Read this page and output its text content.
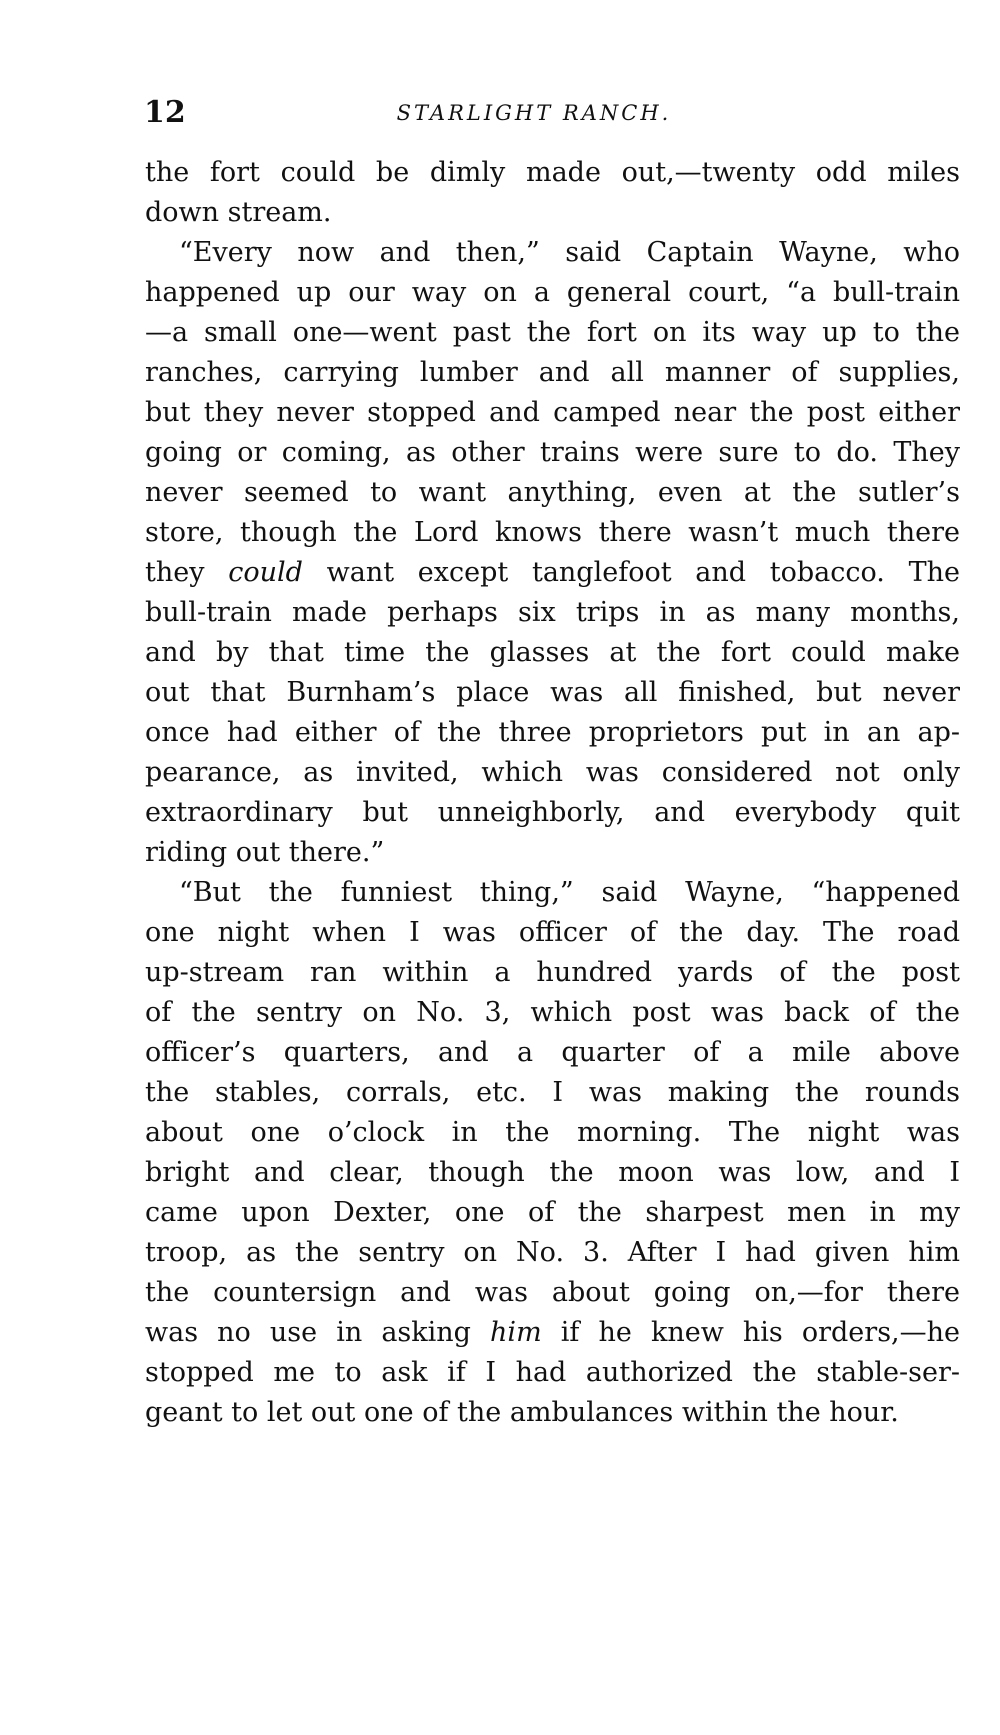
12	STARLIGHT RANCH.
the fort could be dimly made out,—twenty odd miles
down stream.
“Every now and then,” said Captain Wayne, who
happened up our way on a general court, “a bull-train
—a small one—went past the fort on its way up to the
ranches, carrying lumber and all manner of supplies,
but they never stopped and camped near the post either
going or coming, as other trains were sure to do. They
never seemed to want anything, even at the sutler’s
store, though the Lord knows there wasn’t much there
they could want except tanglefoot and tobacco. The
bull-train made perhaps six trips in as many months,
and by that time the glasses at the fort could make
out that Burnham’s place was all finished, but never
once had either of the three proprietors put in an ap-
pearance, as invited, which was considered not only
extraordinary but unneighborly, and everybody quit
riding out there.”
“But the funniest thing,” said Wayne, “happened
one night when I was officer of the day. The road
up-stream ran within a hundred yards of the post
of the sentry on No. 3, which post was back of the
officer’s quarters, and a quarter of a mile above
the stables, corrals, etc. I was making the rounds
about one o’clock in the morning. The night was
bright and clear, though the moon was low, and I
came upon Dexter, one of the sharpest men in my
troop, as the sentry on No. 3. After I had given him
the countersign and was about going on,—for there
was no use in asking him if he knew his orders,—he
stopped me to ask if I had authorized the stable-ser-
geant to let out one of the ambulances within the hour.
